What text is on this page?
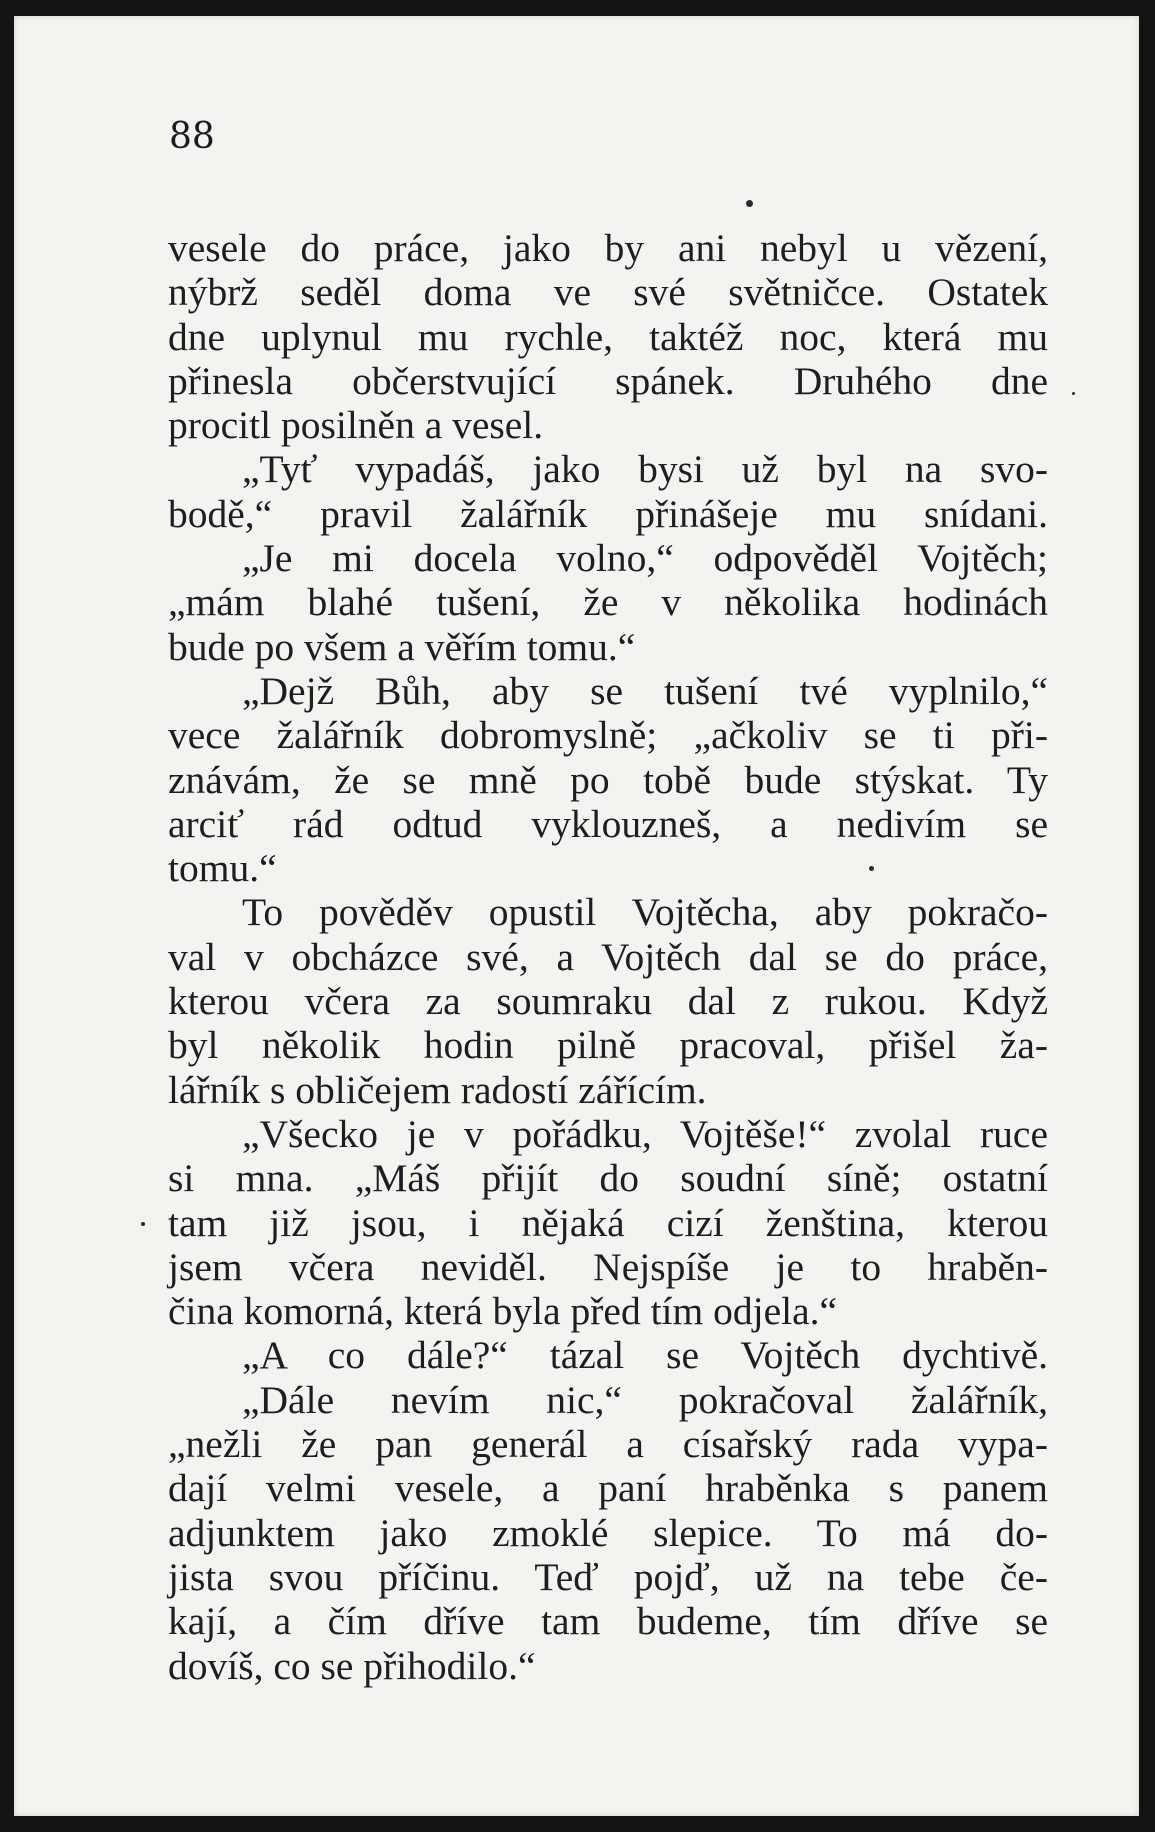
88

vesele do práce, jako by ani nebyl u vězení,
nýbrž seděl doma ve své světničce. Ostatek
dne uplynul mu rychle, taktéž noc, která mu
přinesla občerstvující spánek. Druhého dne
procitl posilněn a vesel.
„Tyť vypadáš, jako bysi už byl na svo-
bodě,“ pravil žalářník přinášeje mu snídani.
„Je mi docela volno,“ odpověděl Vojtěch;
„mám blahé tušení, že v několika hodinách
bude po všem a věřím tomu.“
„Dejž Bůh, aby se tušení tvé vyplnilo,“
vece žalářník dobromyslně; „ačkoliv se ti při-
znávám, že se mně po tobě bude stýskat. Ty
arciť rád odtud vyklouzneš, a nedivím se
tomu.“
To pověděv opustil Vojtěcha, aby pokračo-
val v obcházce své, a Vojtěch dal se do práce,
kterou včera za soumraku dal z rukou. Když
byl několik hodin pilně pracoval, přišel ža-
lářník s obličejem radostí zářícím.
„Všecko je v pořádku, Vojtěše!“ zvolal ruce
si mna. „Máš přijít do soudní síně; ostatní
tam již jsou, i nějaká cizí ženština, kterou
jsem včera neviděl. Nejspíše je to hraběn-
čina komorná, která byla před tím odjela.“
„A co dále?“ tázal se Vojtěch dychtivě.
„Dále nevím nic,“ pokračoval žalářník,
„nežli že pan generál a císařský rada vypa-
dají velmi vesele, a paní hraběnka s panem
adjunktem jako zmoklé slepice. To má do-
jista svou příčinu. Teď pojď, už na tebe če-
kají, a čím dříve tam budeme, tím dříve se
dovíš, co se přihodilo.“
